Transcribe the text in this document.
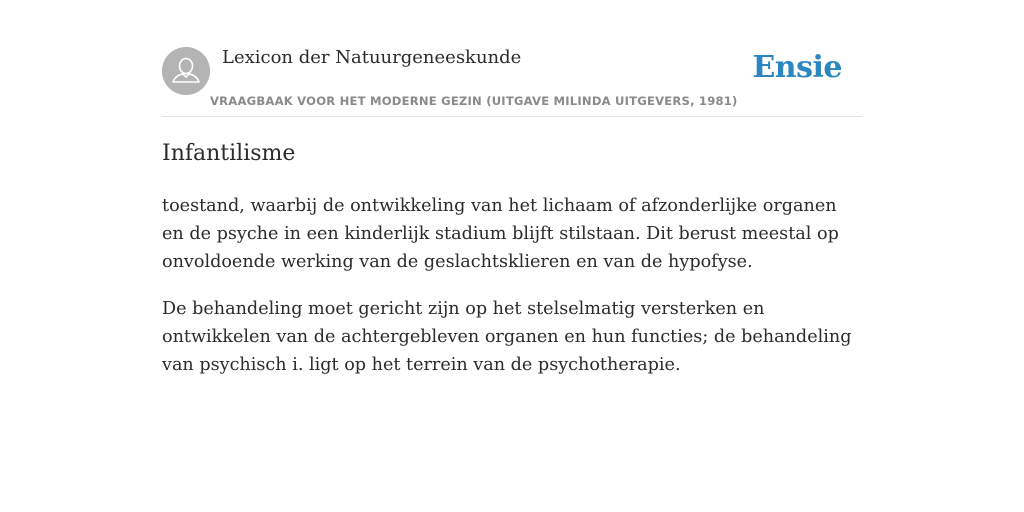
Lexicon der Natuurgeneeskunde
VRAAGBAAK VOOR HET MODERNE GEZIN (UITGAVE MILINDA UITGEVERS, 1981)
Ensie
Infantilisme

toestand, waarbij de ontwikkeling van het lichaam of afzonderlijke organen en de psyche in een kinderlijk stadium blijft stilstaan. Dit berust meestal op onvoldoende werking van de geslachtsklieren en van de hypofyse.

De behandeling moet gericht zijn op het stelselmatig versterken en ontwikkelen van de achtergebleven organen en hun functies; de behandeling van psychisch i. ligt op het terrein van de psychotherapie.
